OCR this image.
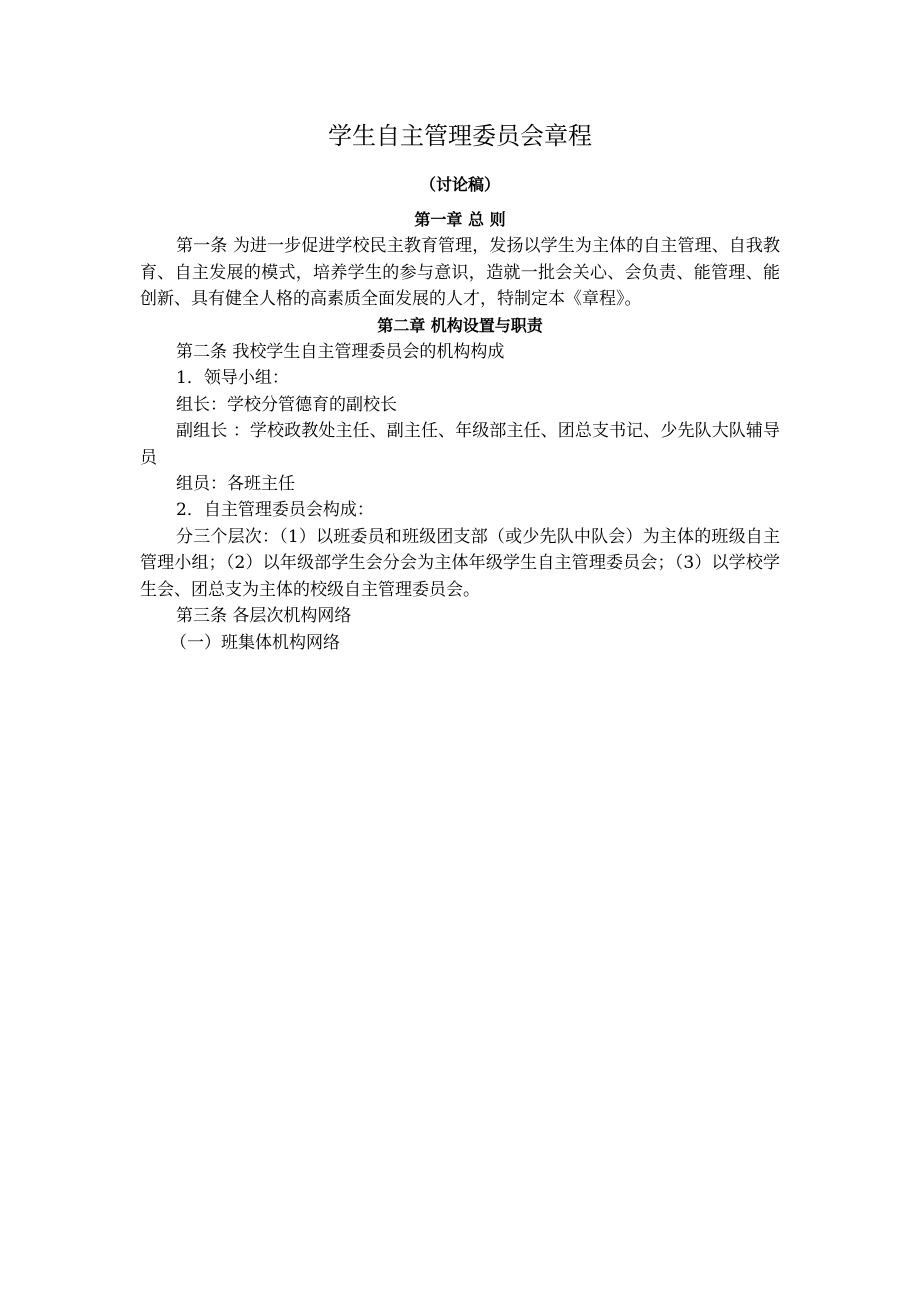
学生自主管理委员会章程
（讨论稿）
第一章 总 则

第一条 为进一步促进学校民主教育管理，发扬以学生为主体的自主管理、自我教育、自主发展的模式，培养学生的参与意识，造就一批会关心、会负责、能管理、能创新、具有健全人格的高素质全面发展的人才，特制定本《章程》。

第二章 机构设置与职责

第二条 我校学生自主管理委员会的机构构成

1．领导小组：

组长：学校分管德育的副校长

副组长 ：学校政教处主任、副主任、年级部主任、团总支书记、少先队大队辅导员

组员：各班主任

2．自主管理委员会构成：

分三个层次：（1）以班委员和班级团支部（或少先队中队会）为主体的班级自主管理小组；（2）以年级部学生会分会为主体年级学生自主管理委员会；（3）以学校学生会、团总支为主体的校级自主管理委员会。

第三条 各层次机构网络

（一）班集体机构网络
